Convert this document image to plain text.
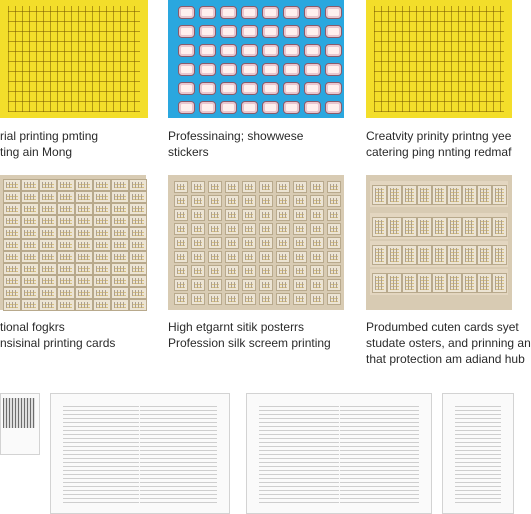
rial printing pmting
ting ain Mong
Professinaing; showwese
stickers
Creatvity prinity printng yee
catering ping nnting redmaf
tional fogkrs
nsisinal printing cards
High etgarnt sitik posterrs
Profession silk screem printing
Produmbed cuten cards syet
studate osters, and prinning an
that protection am adiand hub
